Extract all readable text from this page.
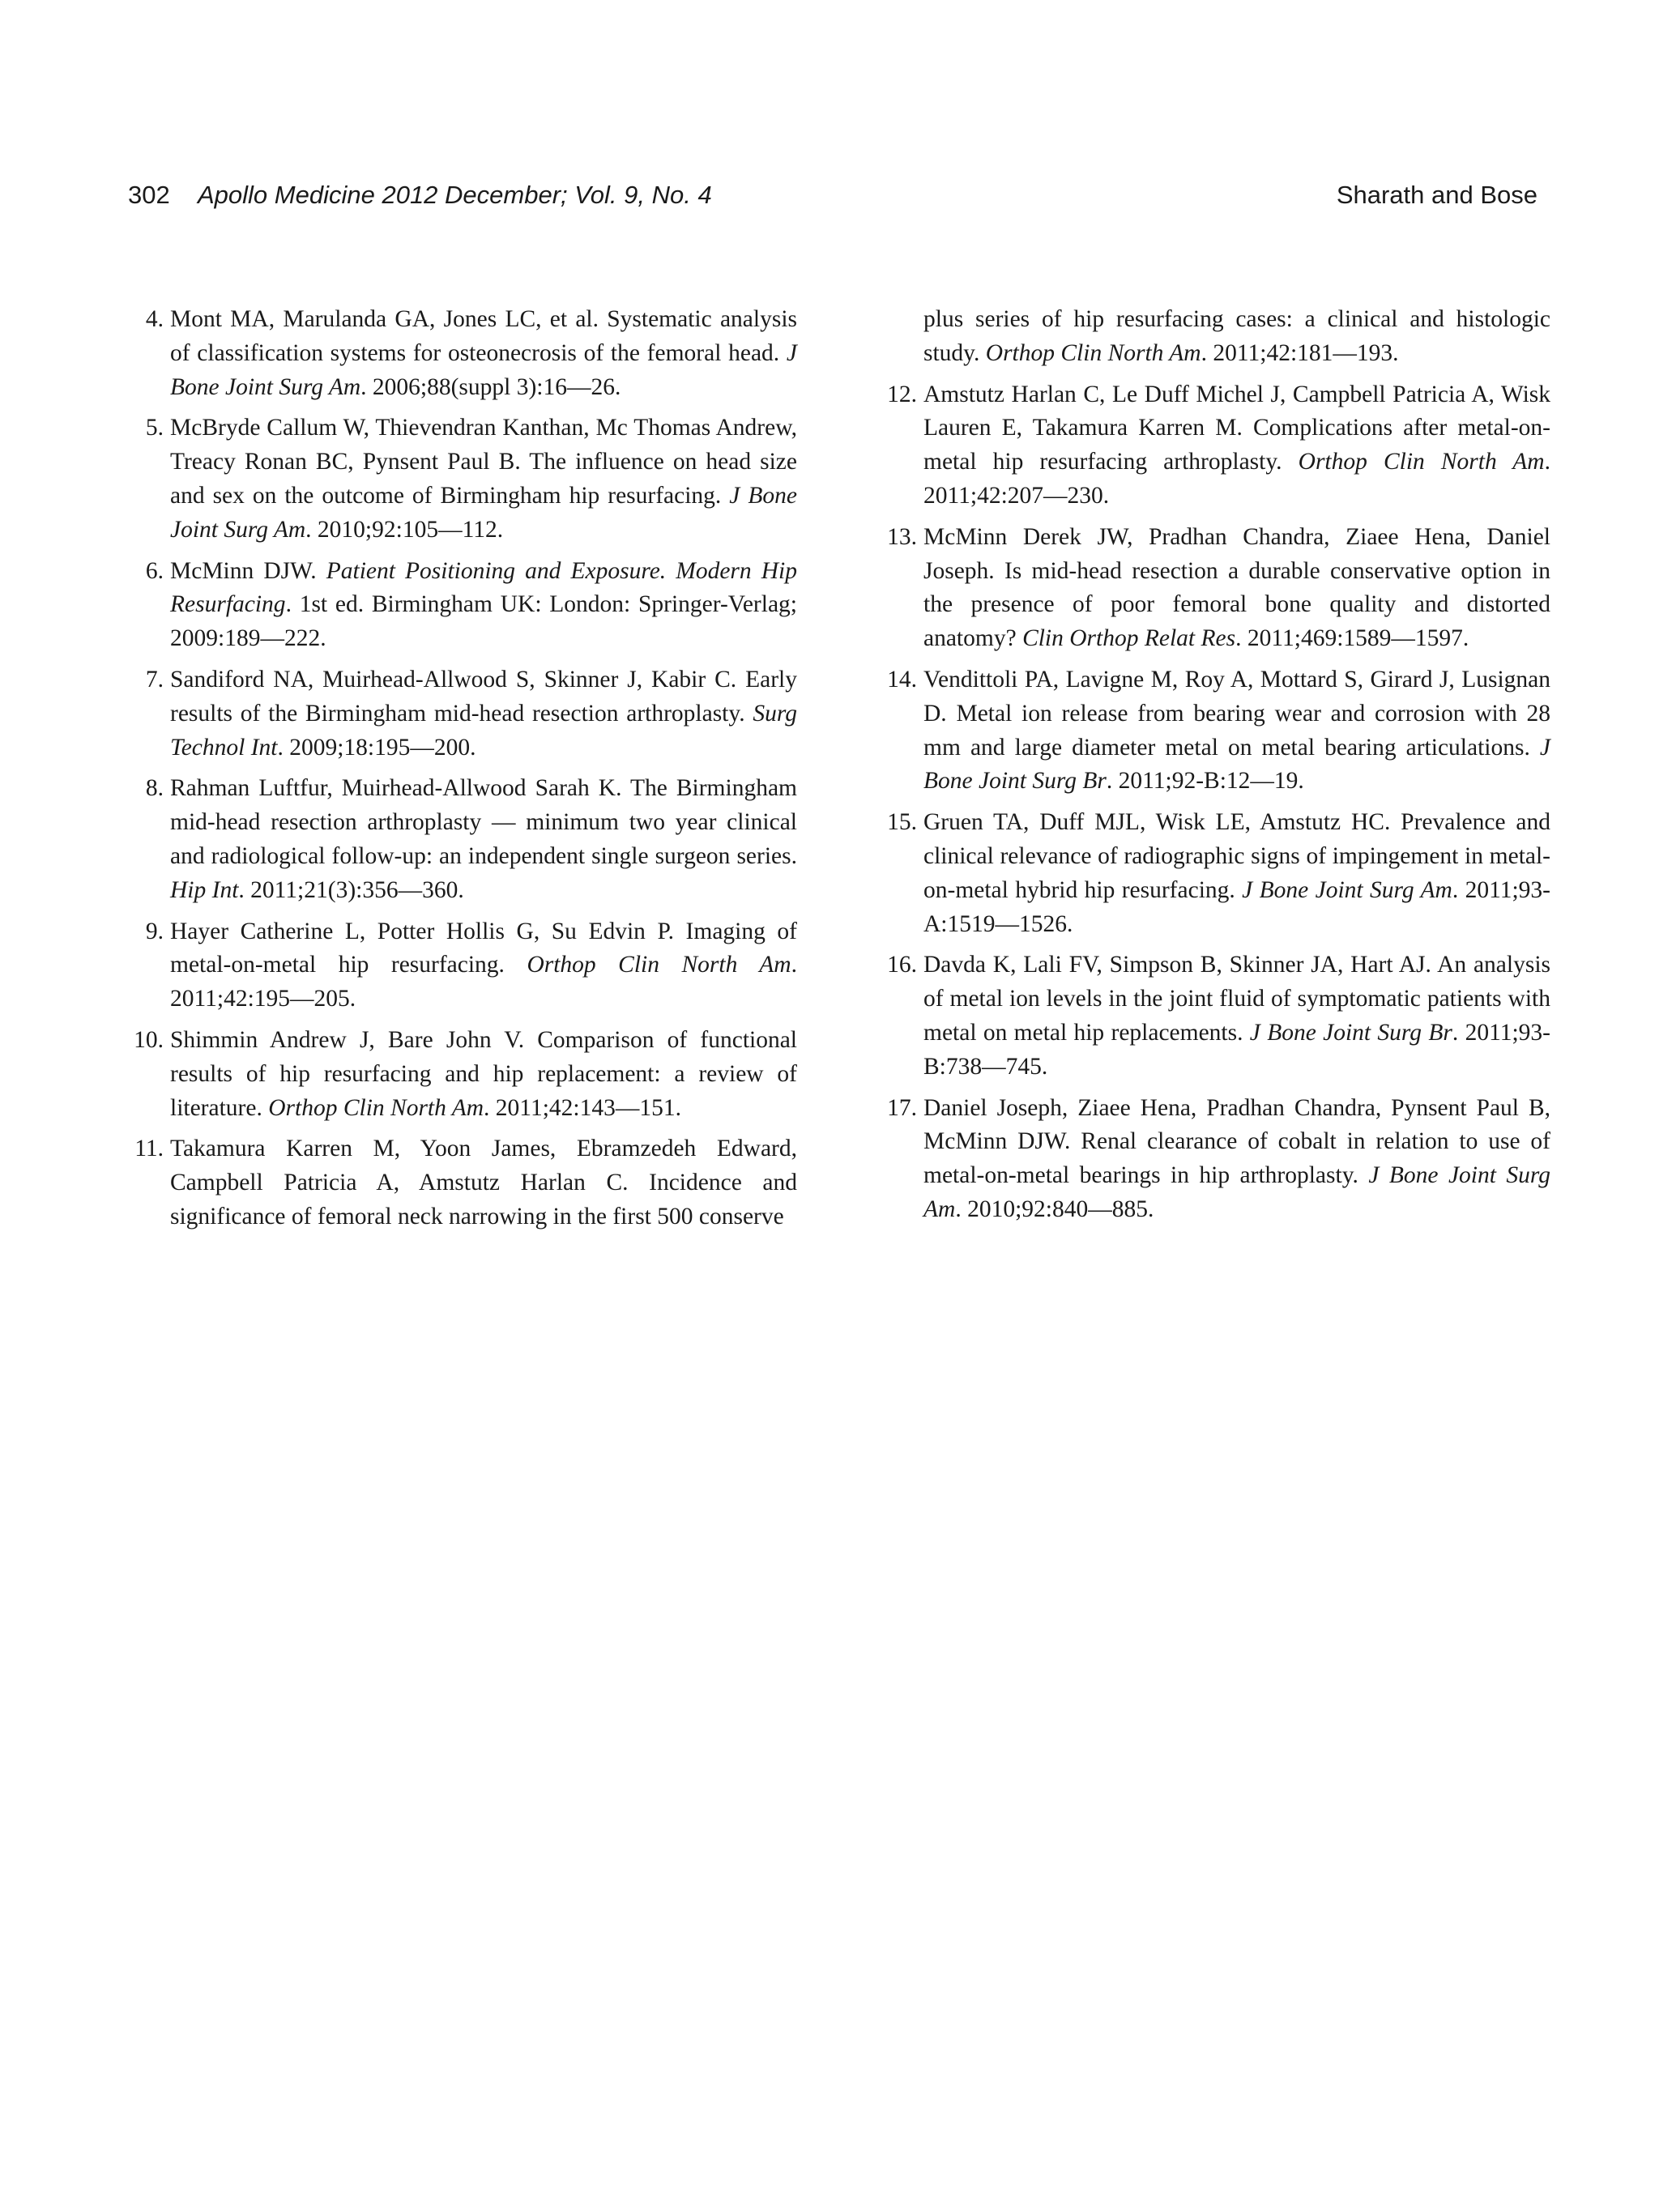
302 Apollo Medicine 2012 December; Vol. 9, No. 4	Sharath and Bose
4. Mont MA, Marulanda GA, Jones LC, et al. Systematic analysis of classification systems for osteonecrosis of the femoral head. J Bone Joint Surg Am. 2006;88(suppl 3):16—26.
5. McBryde Callum W, Thievendran Kanthan, Mc Thomas Andrew, Treacy Ronan BC, Pynsent Paul B. The influence on head size and sex on the outcome of Birmingham hip resurfacing. J Bone Joint Surg Am. 2010;92:105—112.
6. McMinn DJW. Patient Positioning and Exposure. Modern Hip Resurfacing. 1st ed. Birmingham UK: London: Springer-Verlag; 2009:189—222.
7. Sandiford NA, Muirhead-Allwood S, Skinner J, Kabir C. Early results of the Birmingham mid-head resection arthroplasty. Surg Technol Int. 2009;18:195—200.
8. Rahman Luftfur, Muirhead-Allwood Sarah K. The Birmingham mid-head resection arthroplasty — minimum two year clinical and radiological follow-up: an independent single surgeon series. Hip Int. 2011;21(3):356—360.
9. Hayer Catherine L, Potter Hollis G, Su Edvin P. Imaging of metal-on-metal hip resurfacing. Orthop Clin North Am. 2011;42:195—205.
10. Shimmin Andrew J, Bare John V. Comparison of functional results of hip resurfacing and hip replacement: a review of literature. Orthop Clin North Am. 2011;42:143—151.
11. Takamura Karren M, Yoon James, Ebramzedeh Edward, Campbell Patricia A, Amstutz Harlan C. Incidence and significance of femoral neck narrowing in the first 500 conserve
plus series of hip resurfacing cases: a clinical and histologic study. Orthop Clin North Am. 2011;42:181—193.
12. Amstutz Harlan C, Le Duff Michel J, Campbell Patricia A, Wisk Lauren E, Takamura Karren M. Complications after metal-on-metal hip resurfacing arthroplasty. Orthop Clin North Am. 2011;42:207—230.
13. McMinn Derek JW, Pradhan Chandra, Ziaee Hena, Daniel Joseph. Is mid-head resection a durable conservative option in the presence of poor femoral bone quality and distorted anatomy? Clin Orthop Relat Res. 2011;469:1589—1597.
14. Vendittoli PA, Lavigne M, Roy A, Mottard S, Girard J, Lusignan D. Metal ion release from bearing wear and corrosion with 28 mm and large diameter metal on metal bearing articulations. J Bone Joint Surg Br. 2011;92-B:12—19.
15. Gruen TA, Duff MJL, Wisk LE, Amstutz HC. Prevalence and clinical relevance of radiographic signs of impingement in metal-on-metal hybrid hip resurfacing. J Bone Joint Surg Am. 2011;93-A:1519—1526.
16. Davda K, Lali FV, Simpson B, Skinner JA, Hart AJ. An analysis of metal ion levels in the joint fluid of symptomatic patients with metal on metal hip replacements. J Bone Joint Surg Br. 2011;93-B:738—745.
17. Daniel Joseph, Ziaee Hena, Pradhan Chandra, Pynsent Paul B, McMinn DJW. Renal clearance of cobalt in relation to use of metal-on-metal bearings in hip arthroplasty. J Bone Joint Surg Am. 2010;92:840—885.
